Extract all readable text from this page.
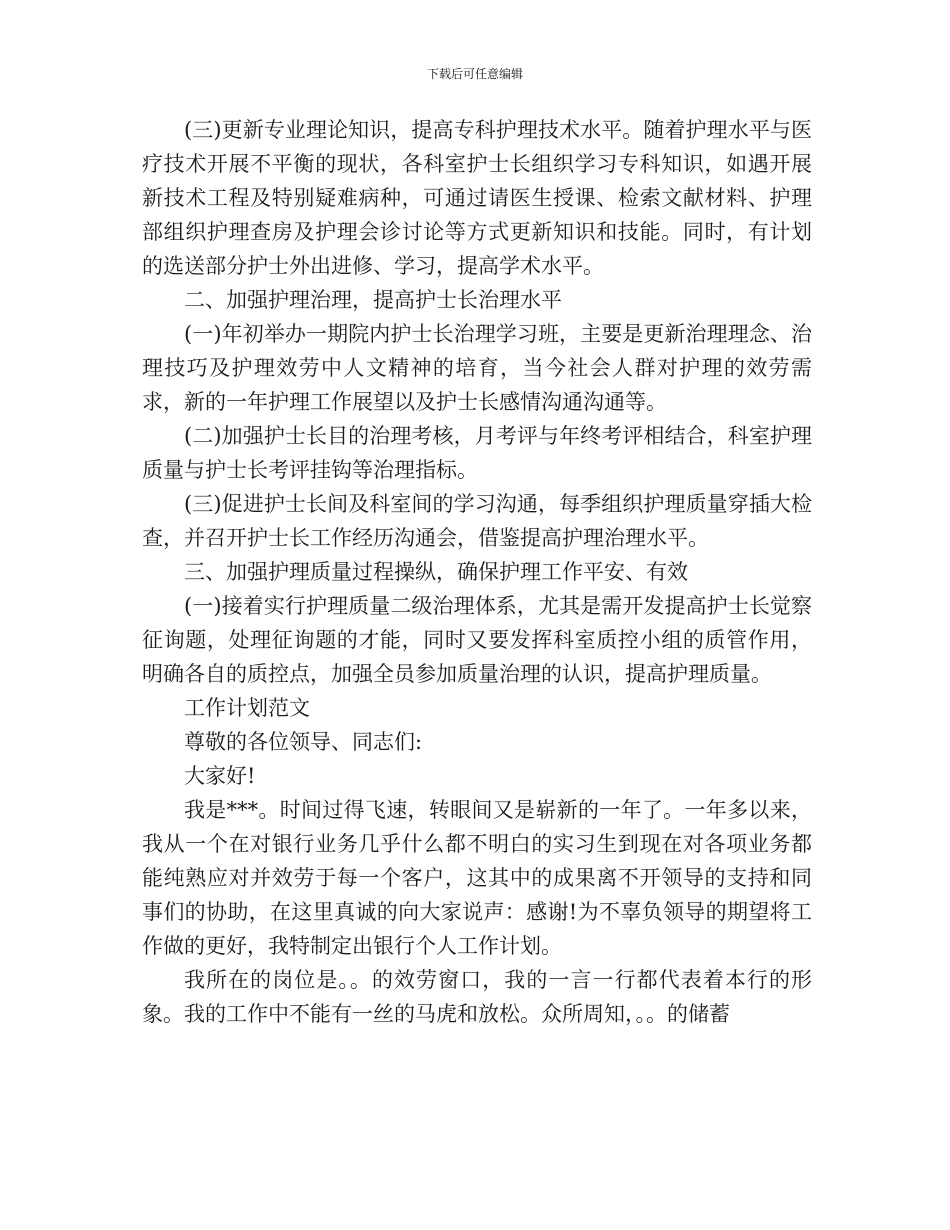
下载后可任意编辑

(三)更新专业理论知识，提高专科护理技术水平。随着护理水平与医疗技术开展不平衡的现状，各科室护士长组织学习专科知识，如遇开展新技术工程及特别疑难病种，可通过请医生授课、检索文献材料、护理部组织护理查房及护理会诊讨论等方式更新知识和技能。同时，有计划的选送部分护士外出进修、学习，提高学术水平。

二、加强护理治理，提高护士长治理水平

(一)年初举办一期院内护士长治理学习班，主要是更新治理理念、治理技巧及护理效劳中人文精神的培育，当今社会人群对护理的效劳需求，新的一年护理工作展望以及护士长感情沟通沟通等。

(二)加强护士长目的治理考核，月考评与年终考评相结合，科室护理质量与护士长考评挂钩等治理指标。

(三)促进护士长间及科室间的学习沟通，每季组织护理质量穿插大检查，并召开护士长工作经历沟通会，借鉴提高护理治理水平。

三、加强护理质量过程操纵，确保护理工作平安、有效

(一)接着实行护理质量二级治理体系，尤其是需开发提高护士长觉察征询题，处理征询题的才能，同时又要发挥科室质控小组的质管作用，明确各自的质控点，加强全员参加质量治理的认识，提高护理质量。

工作计划范文

尊敬的各位领导、同志们:

大家好!

我是***。时间过得飞速，转眼间又是崭新的一年了。一年多以来，我从一个在对银行业务几乎什么都不明白的实习生到现在对各项业务都能纯熟应对并效劳于每一个客户，这其中的成果离不开领导的支持和同事们的协助，在这里真诚的向大家说声：感谢!为不辜负领导的期望将工作做的更好，我特制定出银行个人工作计划。

我所在的岗位是。。的效劳窗口，我的一言一行都代表着本行的形象。我的工作中不能有一丝的马虎和放松。众所周知，。。的储蓄
